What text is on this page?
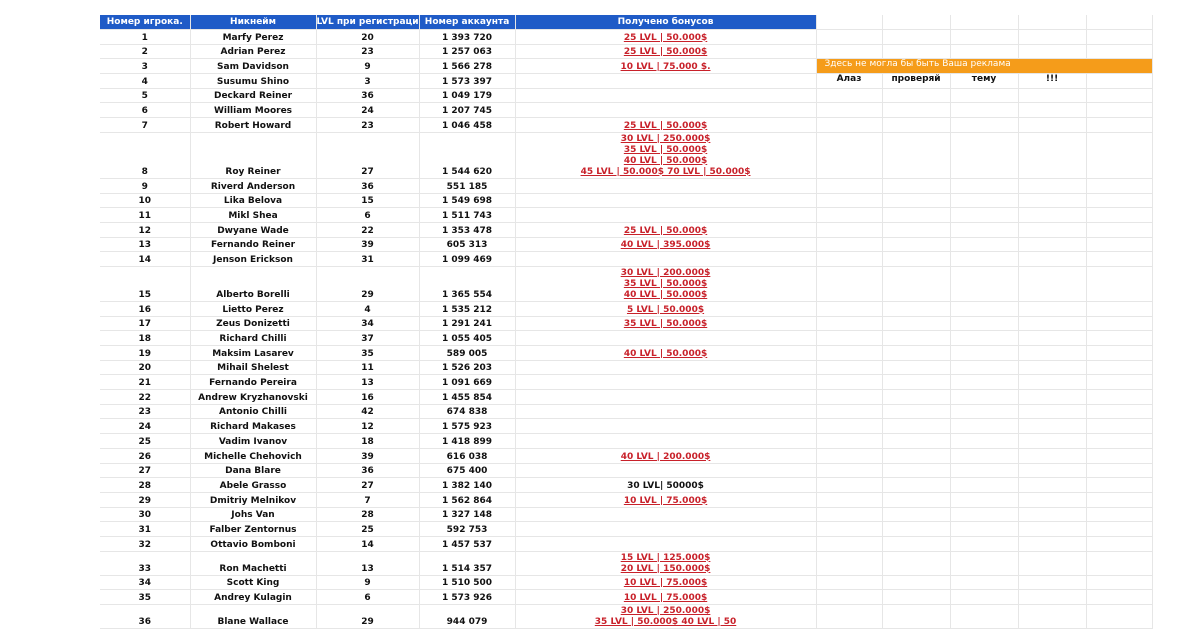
Номер игрока.	Никнейм	LVL при регистраци	Номер аккаунта	Получено бонусов					
1	Marfy Perez	20	1 393 720	25 LVL | 50.000$					

2	Adrian Perez	23	1 257 063	25 LVL | 50.000$					

3	Sam Davidson	9	1 566 278	10 LVL | 75.000 $.	Здесь не могла бы быть Ваша реклама				
4	Susumu Shino	3	1 573 397		Алаз	проверяй	тему	!!!	
5	Deckard Reiner	36	1 049 179						
6	William Moores	24	1 207 745						
7	Robert Howard	23	1 046 458	25 LVL | 50.000$					

8	Roy Reiner	27	1 544 620	30 LVL | 250.000$
35 LVL | 50.000$
40 LVL | 50.000$
45 LVL | 50.000$ 70 LVL | 50.000$					

9	Riverd Anderson	36	551 185						
10	Lika Belova	15	1 549 698						
11	Mikl Shea	6	1 511 743						
12	Dwyane Wade	22	1 353 478	25 LVL | 50.000$					

13	Fernando Reiner	39	605 313	40 LVL | 395.000$					

14	Jenson Erickson	31	1 099 469						
15	Alberto Borelli	29	1 365 554	30 LVL | 200.000$
35 LVL | 50.000$
40 LVL | 50.000$					

16	Lietto Perez	4	1 535 212	5 LVL | 50.000$					

17	Zeus Donizetti	34	1 291 241	35 LVL | 50.000$					

18	Richard Chilli	37	1 055 405						
19	Maksim Lasarev	35	589 005	40 LVL | 50.000$					

20	Mihail Shelest	11	1 526 203						
21	Fernando Pereira	13	1 091 669						
22	Andrew Kryzhanovski	16	1 455 854						
23	Antonio Chilli	42	674 838						
24	Richard Makases	12	1 575 923						
25	Vadim Ivanov	18	1 418 899						
26	Michelle Chehovich	39	616 038	40 LVL | 200.000$					

27	Dana Blare	36	675 400						
28	Abele Grasso	27	1 382 140	30 LVL| 50000$					
29	Dmitriy Melnikov	7	1 562 864	10 LVL | 75.000$					

30	Johs Van	28	1 327 148						
31	Falber Zentornus	25	592 753						
32	Ottavio Bomboni	14	1 457 537						
33	Ron Machetti	13	1 514 357	15 LVL | 125.000$
20 LVL | 150.000$					

34	Scott King	9	1 510 500	10 LVL | 75.000$					

35	Andrey Kulagin	6	1 573 926	10 LVL | 75.000$					

36	Blane Wallace	29	944 079	30 LVL | 250.000$
35 LVL | 50.000$ 40 LVL | 50					
